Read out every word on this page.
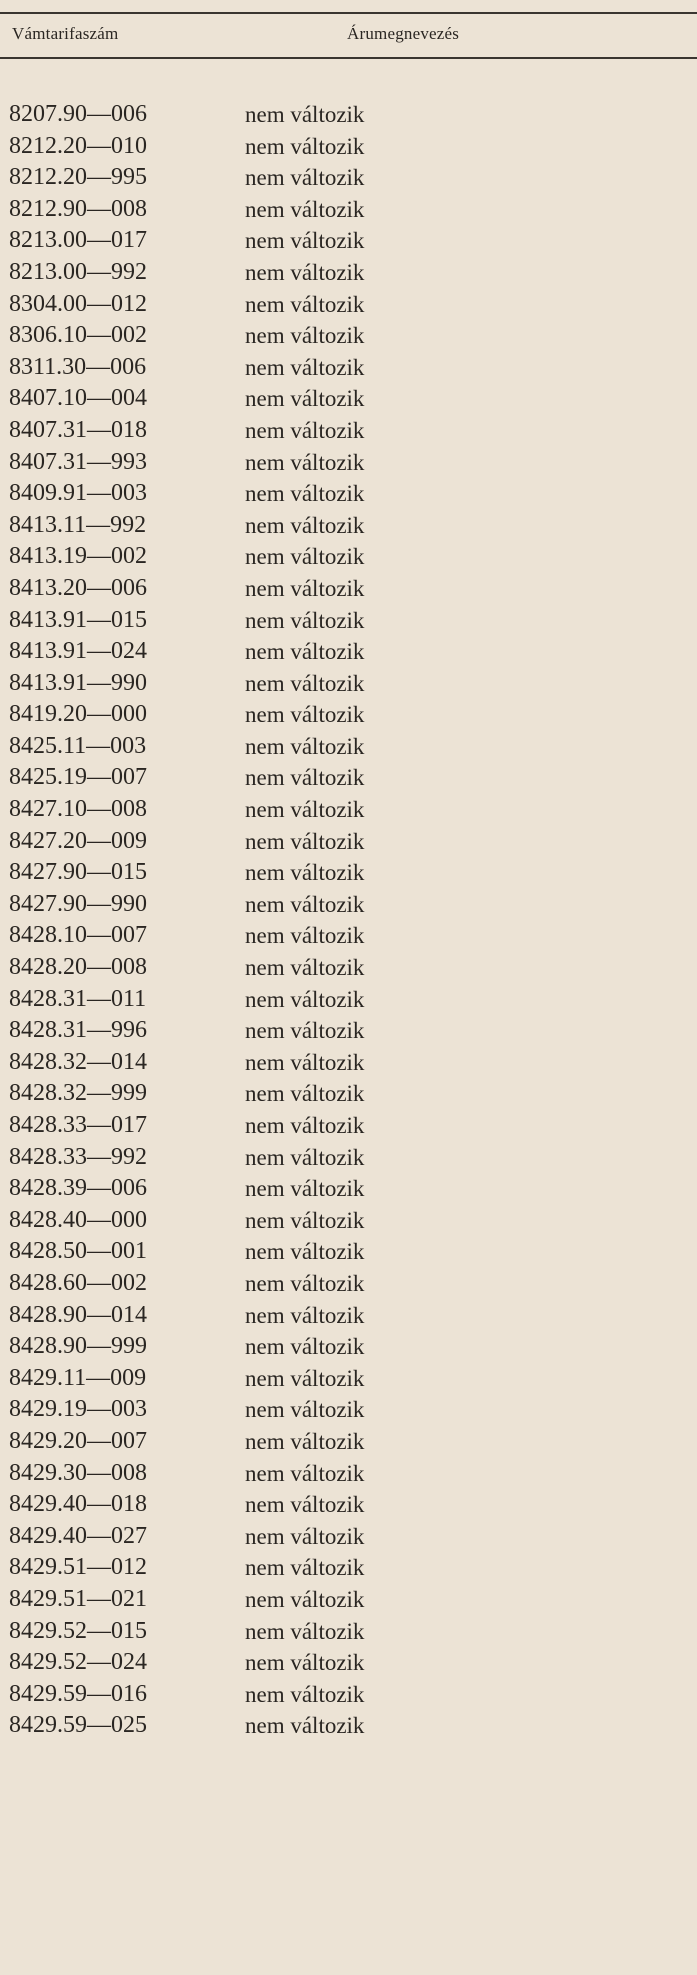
Vámtarifaszám	Árumegnevezés
8207.90—006	nem változik
8212.20—010	nem változik
8212.20—995	nem változik
8212.90—008	nem változik
8213.00—017	nem változik
8213.00—992	nem változik
8304.00—012	nem változik
8306.10—002	nem változik
8311.30—006	nem változik
8407.10—004	nem változik
8407.31—018	nem változik
8407.31—993	nem változik
8409.91—003	nem változik
8413.11—992	nem változik
8413.19—002	nem változik
8413.20—006	nem változik
8413.91—015	nem változik
8413.91—024	nem változik
8413.91—990	nem változik
8419.20—000	nem változik
8425.11—003	nem változik
8425.19—007	nem változik
8427.10—008	nem változik
8427.20—009	nem változik
8427.90—015	nem változik
8427.90—990	nem változik
8428.10—007	nem változik
8428.20—008	nem változik
8428.31—011	nem változik
8428.31—996	nem változik
8428.32—014	nem változik
8428.32—999	nem változik
8428.33—017	nem változik
8428.33—992	nem változik
8428.39—006	nem változik
8428.40—000	nem változik
8428.50—001	nem változik
8428.60—002	nem változik
8428.90—014	nem változik
8428.90—999	nem változik
8429.11—009	nem változik
8429.19—003	nem változik
8429.20—007	nem változik
8429.30—008	nem változik
8429.40—018	nem változik
8429.40—027	nem változik
8429.51—012	nem változik
8429.51—021	nem változik
8429.52—015	nem változik
8429.52—024	nem változik
8429.59—016	nem változik
8429.59—025	nem változik
